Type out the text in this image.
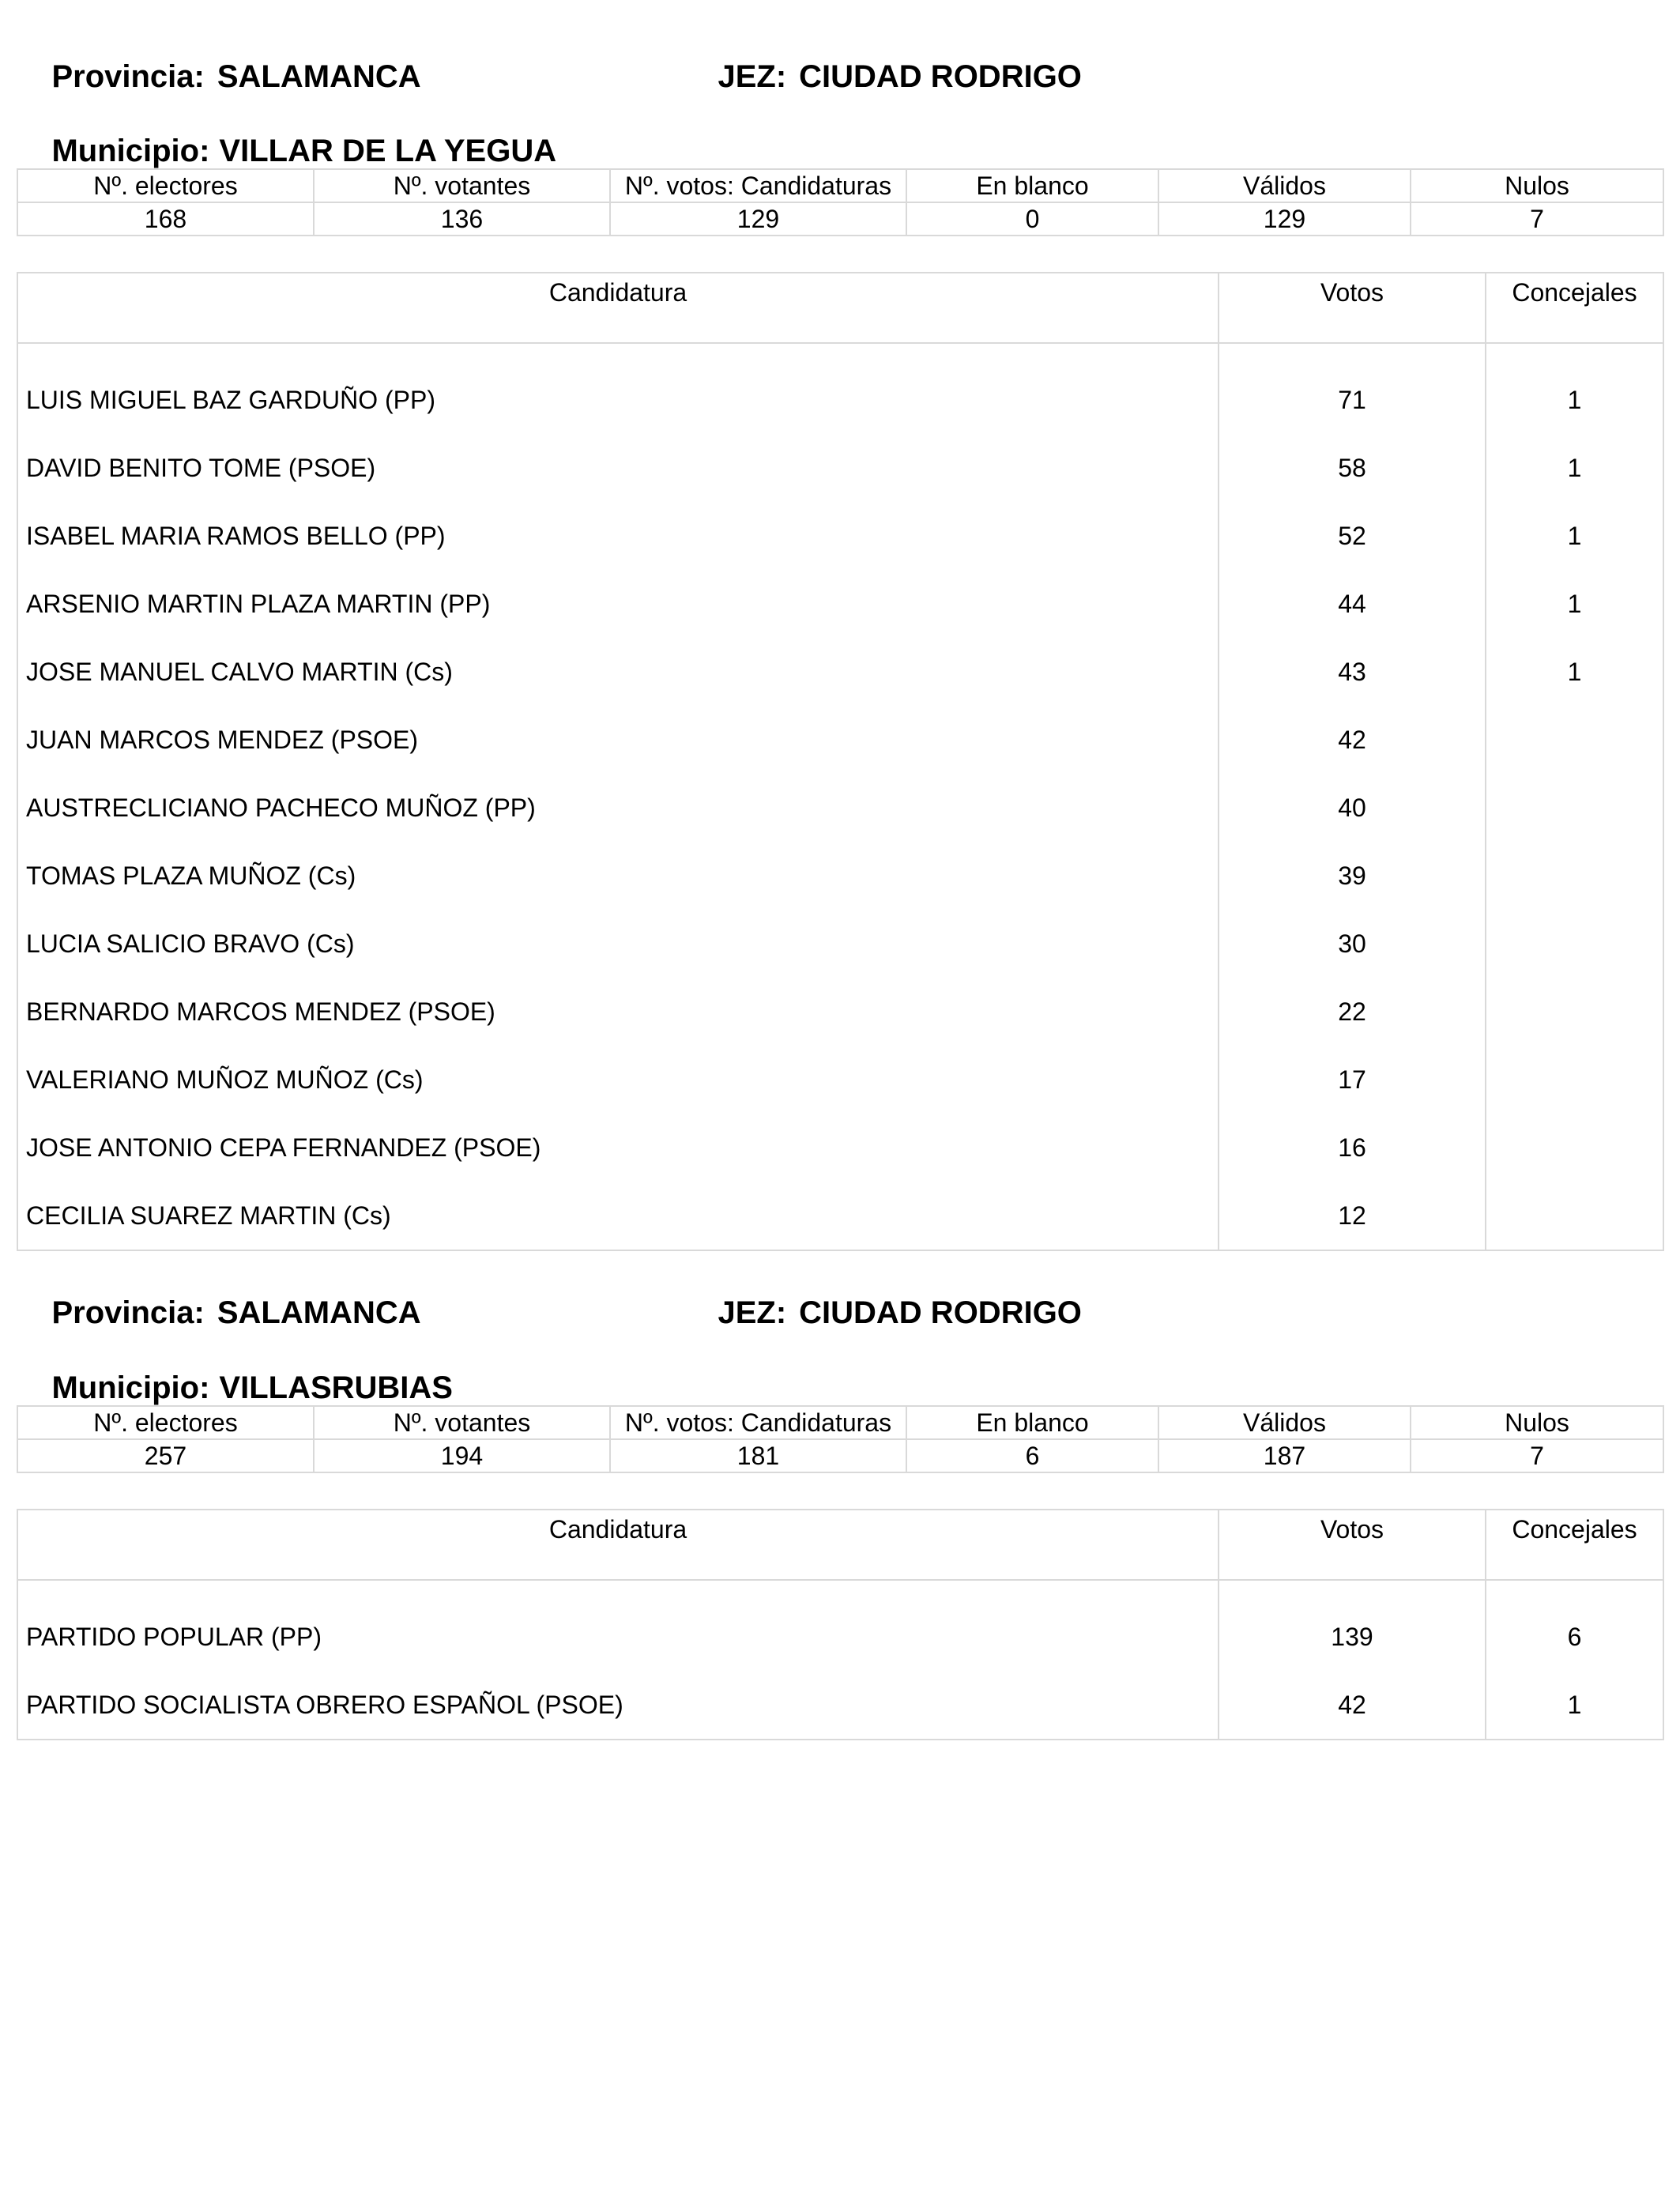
Provincia: SALAMANCA
	JEZ: CIUDAD RODRIGO

Municipio: VILLAR DE LA YEGUA

Nº. electores	Nº. votantes	Nº. votos: Candidaturas	En blanco	Válidos	Nulos
168	136	129	0	129	7
Candidatura	Votos	Concejales

LUIS MIGUEL BAZ GARDUÑO (PP)	71	1
DAVID BENITO TOME (PSOE)	58	1
ISABEL MARIA RAMOS BELLO (PP)	52	1
ARSENIO MARTIN PLAZA MARTIN (PP)	44	1
JOSE MANUEL CALVO MARTIN (Cs)	43	1
JUAN MARCOS MENDEZ (PSOE)	42	
AUSTRECLICIANO PACHECO MUÑOZ (PP)	40	
TOMAS PLAZA MUÑOZ (Cs)	39	
LUCIA SALICIO BRAVO (Cs)	30	
BERNARDO MARCOS MENDEZ (PSOE)	22	
VALERIANO MUÑOZ MUÑOZ (Cs)	17	
JOSE ANTONIO CEPA FERNANDEZ (PSOE)	16	
CECILIA SUAREZ MARTIN (Cs)	12	

Provincia: SALAMANCA
	JEZ: CIUDAD RODRIGO

Municipio: VILLASRUBIAS

Nº. electores	Nº. votantes	Nº. votos: Candidaturas	En blanco	Válidos	Nulos
257	194	181	6	187	7
Candidatura	Votos	Concejales

PARTIDO POPULAR (PP)	139	6
PARTIDO SOCIALISTA OBRERO ESPAÑOL (PSOE)	42	1
